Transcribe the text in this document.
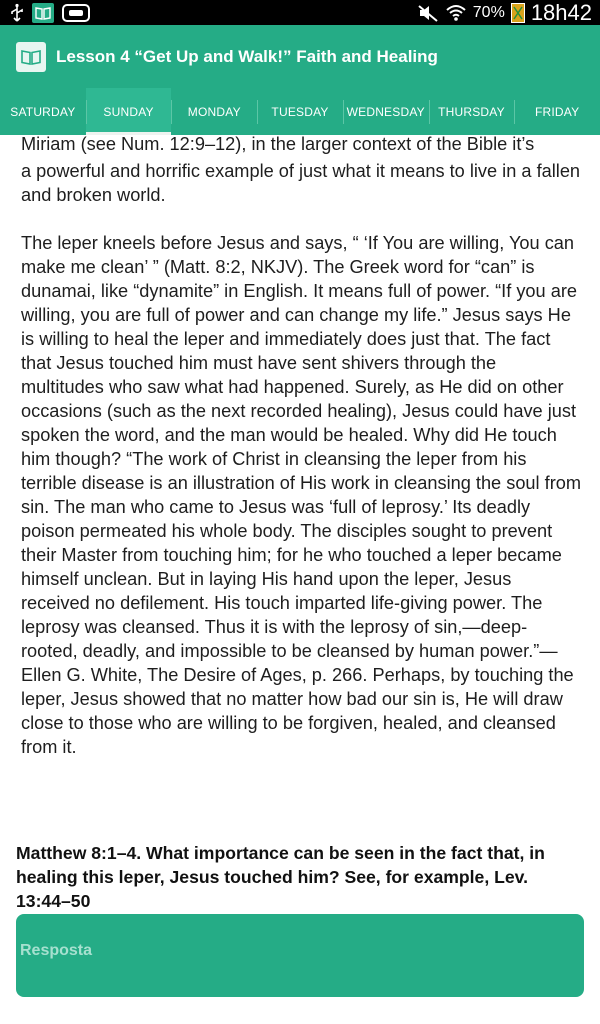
70% 18h42
Lesson 4 “Get Up and Walk!” Faith and Healing
SATURDAY	SUNDAY	MONDAY	TUESDAY	WEDNESDAY	THURSDAY	FRIDAY

Miriam (see Num. 12:9–12), in the larger context of the Bible it’s

a powerful and horrific example of just what it means to live in a fallen and broken world.

The leper kneels before Jesus and says, “ ‘If You are willing, You can make me clean’ ” (Matt. 8:2, NKJV). The Greek word for “can” is dunamai, like “dynamite” in English. It means full of power. “If you are willing, you are full of power and can change my life.” Jesus says He is willing to heal the leper and immediately does just that. The fact that Jesus touched him must have sent shivers through the multitudes who saw what had happened. Surely, as He did on other occasions (such as the next recorded healing), Jesus could have just spoken the word, and the man would be healed. Why did He touch him though? “The work of Christ in cleansing the leper from his terrible disease is an illustration of His work in cleansing the soul from sin. The man who came to Jesus was ‘full of leprosy.’ Its deadly poison permeated his whole body. The disciples sought to prevent their Master from touching him; for he who touched a leper became himself unclean. But in laying His hand upon the leper, Jesus received no defilement. His touch imparted life-giving power. The leprosy was cleansed. Thus it is with the leprosy of sin,—deep-rooted, deadly, and impossible to be cleansed by human power.”—Ellen G. White, The Desire of Ages, p. 266. Perhaps, by touching the leper, Jesus showed that no matter how bad our sin is, He will draw close to those who are willing to be forgiven, healed, and cleansed from it.

Matthew 8:1–4. What importance can be seen in the fact that, in healing this leper, Jesus touched him? See, for example, Lev. 13:44–50

Resposta
